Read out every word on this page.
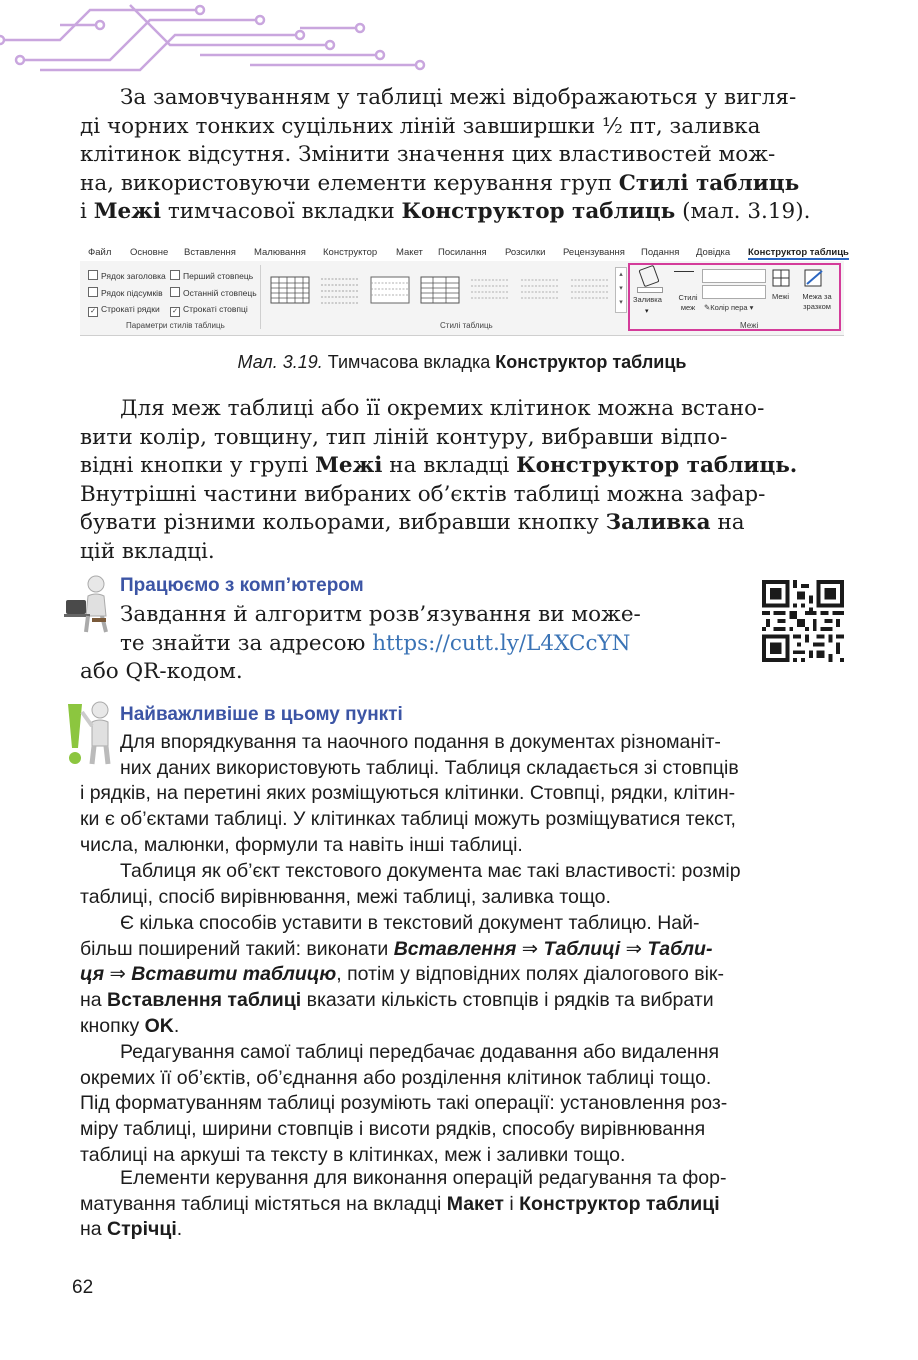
За замовчуванням у таблиці межі відображаються у вигля-
ді чорних тонких суцільних ліній завширшки ½ пт, заливка
клітинок відсутня. Змінити значення цих властивостей мож-
на, використовуючи елементи керування груп Стилі таблиць
і Межі тимчасової вкладки Конструктор таблиць (мал. 3.19).
Файл Основне Вставлення Малювання Конструктор Макет Посилання Розсилки Рецензування Подання Довідка Конструктор таблиць
Рядок заголовка	Перший стовпець
Рядок підсумків	Останній стовпець
✓ Строкаті рядки ✓ Строкаті стовпці
Параметри стилів таблиць
▴
▾
▾
Стилі таблиць
Заливка
▾
Стилі меж	✎Колір пера ▾
Межі	Межа за зразком
Межі
Мал. 3.19. Тимчасова вкладка Конструктор таблиць
Для меж таблиці або її окремих клітинок можна встано-
вити колір, товщину, тип ліній контуру, вибравши відпо-
відні кнопки у групі Межі на вкладці Конструктор таблиць.
Внутрішні частини вибраних об’єктів таблиці можна зафар-
бувати різними кольорами, вибравши кнопку Заливка на
цій вкладці.
Працюємо з комп’ютером
Завдання й алгоритм розв’язування ви може-
те знайти за адресою https://cutt.ly/L4XCcYN
або QR-кодом.
Найважливіше в цьому пункті
Для впорядкування та наочного подання в документах різноманіт-
них даних використовують таблиці. Таблиця складається зі стовпців
і рядків, на перетині яких розміщуються клітинки. Стовпці, рядки, клітин-
ки є об’єктами таблиці. У клітинках таблиці можуть розміщуватися текст,
числа, малюнки, формули та навіть інші таблиці.
Таблиця як об’єкт текстового документа має такі властивості: розмір
таблиці, спосіб вирівнювання, межі таблиці, заливка тощо.
Є кілька способів уставити в текстовий документ таблицю. Най-
більш поширений такий: виконати Вставлення ⇒ Таблиці ⇒ Табли-
ця ⇒ Вставити таблицю, потім у відповідних полях діалогового вік-
на Вставлення таблиці вказати кількість стовпців і рядків та вибрати
кнопку OK.
Редагування самої таблиці передбачає додавання або видалення
окремих її об’єктів, об’єднання або розділення клітинок таблиці тощо.
Під форматуванням таблиці розуміють такі операції: установлення роз-
міру таблиці, ширини стовпців і висоти рядків, способу вирівнювання
таблиці на аркуші та тексту в клітинках, меж і заливки тощо.
Елементи керування для виконання операцій редагування та фор-
матування таблиці містяться на вкладці Макет і Конструктор таблиці
на Стрічці.
62
